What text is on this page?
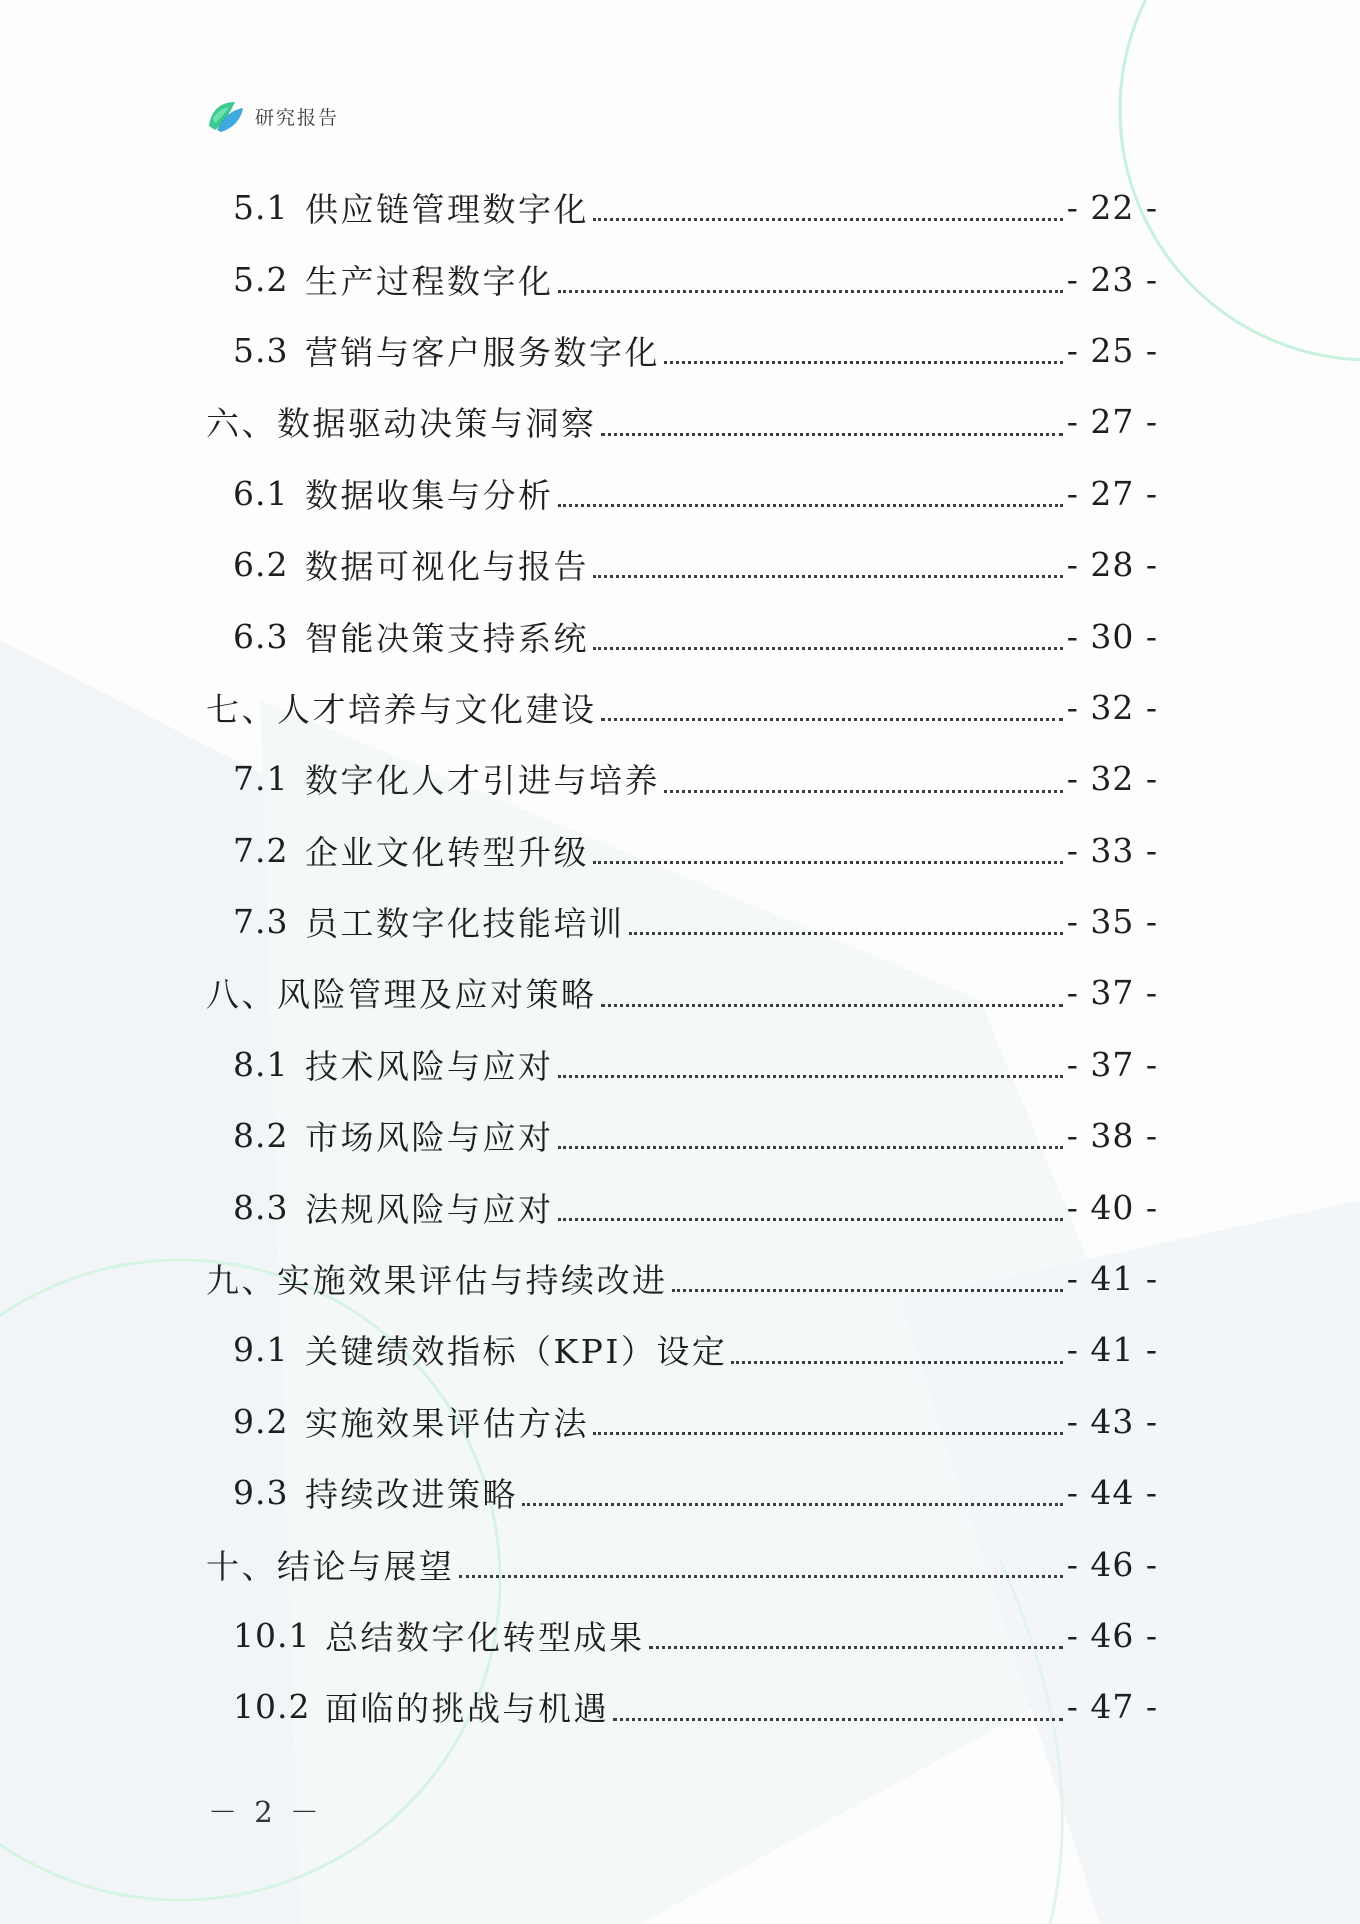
研究报告
5.1 供应链管理数字化	- 22 -
5.2 生产过程数字化	- 23 -
5.3 营销与客户服务数字化	- 25 -
六、数据驱动决策与洞察	- 27 -
6.1 数据收集与分析	- 27 -
6.2 数据可视化与报告	- 28 -
6.3 智能决策支持系统	- 30 -
七、人才培养与文化建设	- 32 -
7.1 数字化人才引进与培养	- 32 -
7.2 企业文化转型升级	- 33 -
7.3 员工数字化技能培训	- 35 -
八、风险管理及应对策略	- 37 -
8.1 技术风险与应对	- 37 -
8.2 市场风险与应对	- 38 -
8.3 法规风险与应对	- 40 -
九、实施效果评估与持续改进	- 41 -
9.1 关键绩效指标（KPI）设定	- 41 -
9.2 实施效果评估方法	- 43 -
9.3 持续改进策略	- 44 -
十、结论与展望	- 46 -
10.1 总结数字化转型成果	- 46 -
10.2 面临的挑战与机遇	- 47 -
－ 2 －
